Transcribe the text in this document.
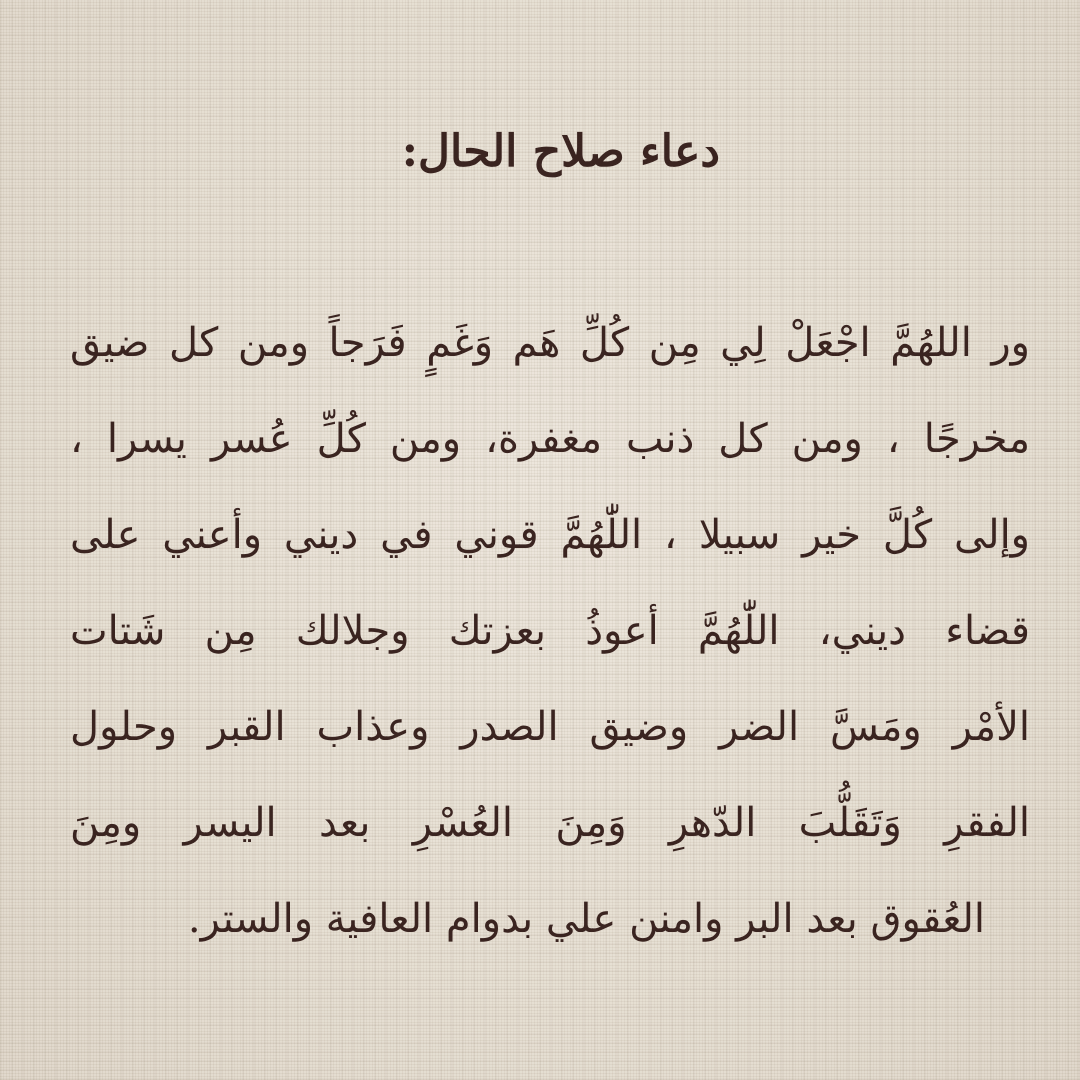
دعاء صلاح الحال:
ور اللهُمَّ اجْعَلْ لِي مِن كُلِّ هَم وَغَمٍ فَرَجاً ومن كل ضيق
مخرجًا ، ومن كل ذنب مغفرة، ومن كُلِّ عُسر يسرا ،
وإلى كُلَّ خير سبيلا ، اللّٰهُمَّ قوني في ديني وأعني على
قضاء ديني، اللّٰهُمَّ أعوذُ بعزتك وجلالك مِن شَتات
الأمْر ومَسَّ الضر وضيق الصدر وعذاب القبر وحلول
الفقرِ وَتَقَلُّبَ الدّهرِ وَمِنَ العُسْرِ بعد اليسر ومِنَ
العُقوق بعد البر وامنن علي بدوام العافية والستر.
